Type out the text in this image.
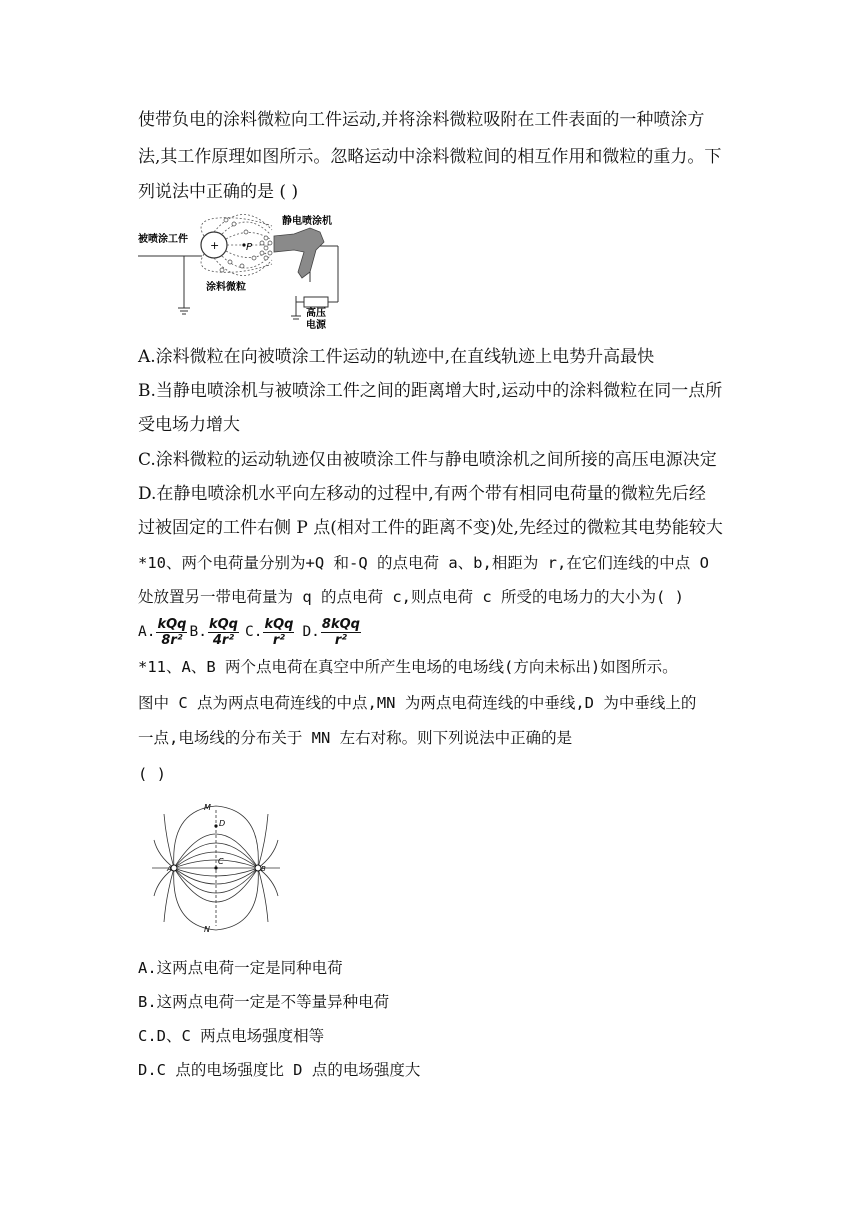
使带负电的涂料微粒向工件运动,并将涂料微粒吸附在工件表面的一种喷涂方
法,其工作原理如图所示。忽略运动中涂料微粒间的相互作用和微粒的重力。下
列说法中正确的是 ( )
被喷涂工件 +	P
静电喷涂机
涂料微粒
高压
电源
A.涂料微粒在向被喷涂工件运动的轨迹中,在直线轨迹上电势升高最快
B.当静电喷涂机与被喷涂工件之间的距离增大时,运动中的涂料微粒在同一点所
受电场力增大
C.涂料微粒的运动轨迹仅由被喷涂工件与静电喷涂机之间所接的高压电源决定
D.在静电喷涂机水平向左移动的过程中,有两个带有相同电荷量的微粒先后经
过被固定的工件右侧 P 点(相对工件的距离不变)处,先经过的微粒其电势能较大
*10、两个电荷量分别为+Q 和-Q 的点电荷 a、b,相距为 r,在它们连线的中点 O
处放置另一带电荷量为 q 的点电荷 c,则点电荷 c 所受的电场力的大小为( )
A. $\frac{\text{kQq}}{\text{8r²}} B$. $\frac{\text{kQq}}{\text{4r²}} C$. $\frac{\text{kQq}}{\text{r²}} D$. $\frac{\text{8kQq}}{\text{r²}}$
*11、A、B 两个点电荷在真空中所产生电场的电场线(方向未标出)如图所示。
图中 C 点为两点电荷连线的中点,MN 为两点电荷连线的中垂线,D 为中垂线上的
一点,电场线的分布关于 MN 左右对称。则下列说法中正确的是
( )
M
N
D
C
A	B
A.这两点电荷一定是同种电荷
B.这两点电荷一定是不等量异种电荷
C.D、C 两点电场强度相等
D.C 点的电场强度比 D 点的电场强度大
